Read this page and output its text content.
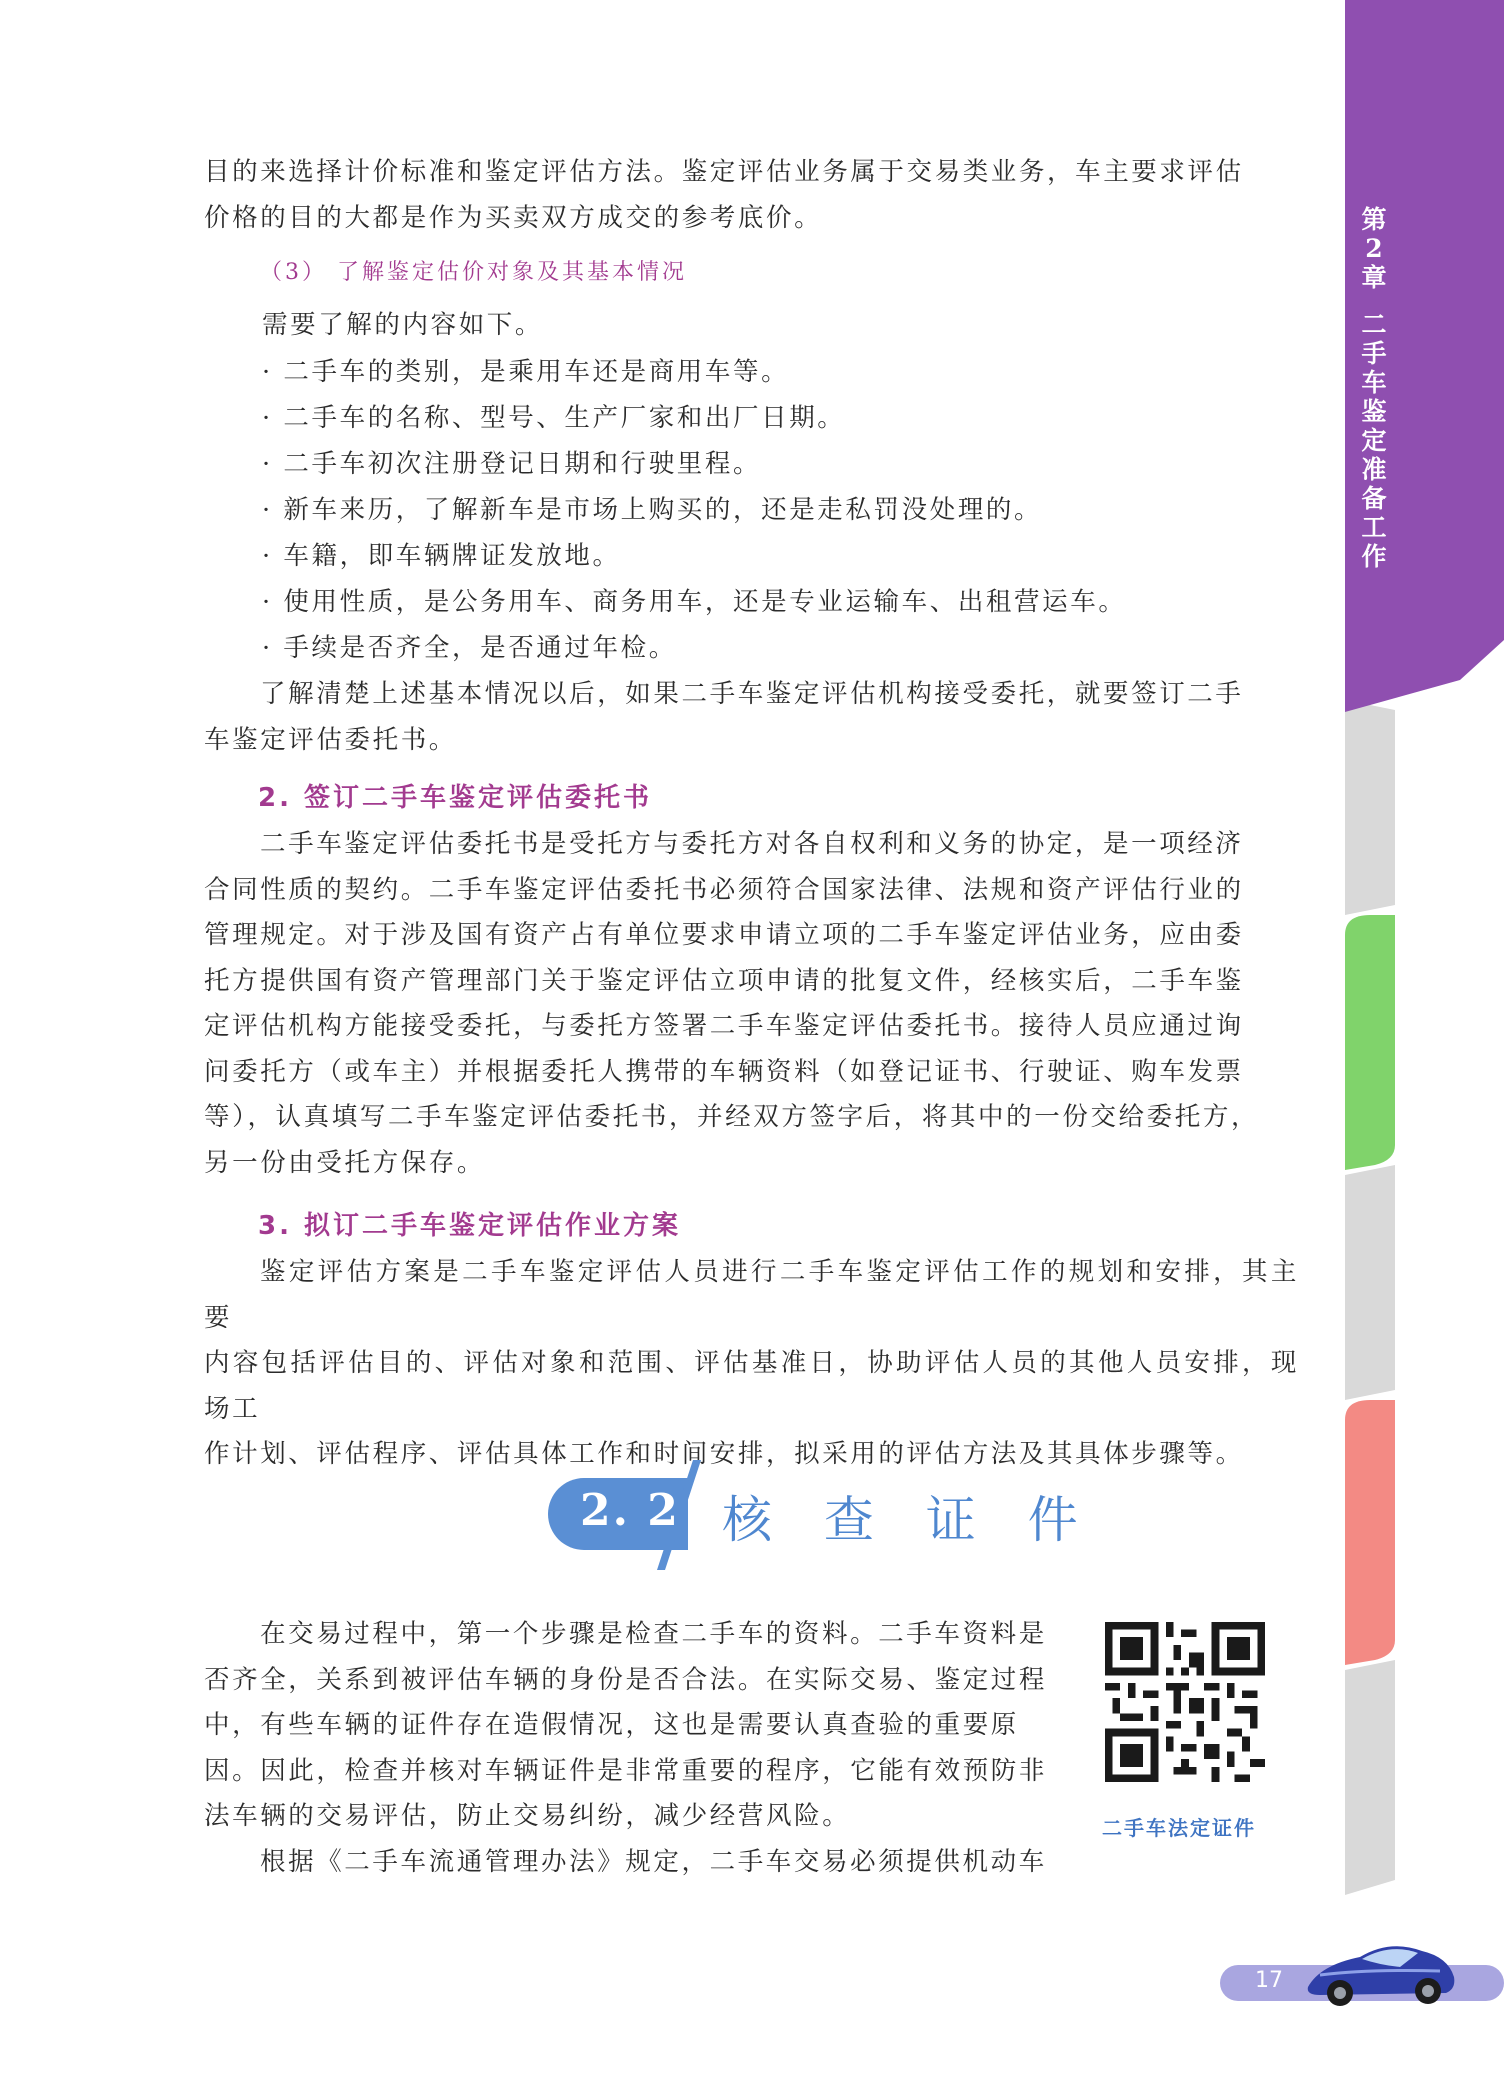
第
2
章
二
手
车
鉴
定
准
备
工
作
目的来选择计价标准和鉴定评估方法。鉴定评估业务属于交易类业务，车主要求评估
价格的目的大都是作为买卖双方成交的参考底价。
（3） 了解鉴定估价对象及其基本情况
需要了解的内容如下。
· 二手车的类别，是乘用车还是商用车等。
· 二手车的名称、型号、生产厂家和出厂日期。
· 二手车初次注册登记日期和行驶里程。
· 新车来历，了解新车是市场上购买的，还是走私罚没处理的。
· 车籍，即车辆牌证发放地。
· 使用性质，是公务用车、商务用车，还是专业运输车、出租营运车。
· 手续是否齐全，是否通过年检。
了解清楚上述基本情况以后，如果二手车鉴定评估机构接受委托，就要签订二手
车鉴定评估委托书。
2. 签订二手车鉴定评估委托书
二手车鉴定评估委托书是受托方与委托方对各自权利和义务的协定，是一项经济
合同性质的契约。二手车鉴定评估委托书必须符合国家法律、法规和资产评估行业的
管理规定。对于涉及国有资产占有单位要求申请立项的二手车鉴定评估业务，应由委
托方提供国有资产管理部门关于鉴定评估立项申请的批复文件，经核实后，二手车鉴
定评估机构方能接受委托，与委托方签署二手车鉴定评估委托书。接待人员应通过询
问委托方（或车主）并根据委托人携带的车辆资料（如登记证书、行驶证、购车发票
等），认真填写二手车鉴定评估委托书，并经双方签字后，将其中的一份交给委托方，
另一份由受托方保存。
3. 拟订二手车鉴定评估作业方案
鉴定评估方案是二手车鉴定评估人员进行二手车鉴定评估工作的规划和安排，其主要
内容包括评估目的、评估对象和范围、评估基准日，协助评估人员的其他人员安排，现场工
作计划、评估程序、评估具体工作和时间安排，拟采用的评估方法及其具体步骤等。
2. 2 核 查 证 件
在交易过程中，第一个步骤是检查二手车的资料。二手车资料是
否齐全，关系到被评估车辆的身份是否合法。在实际交易、鉴定过程
中，有些车辆的证件存在造假情况，这也是需要认真查验的重要原
因。因此，检查并核对车辆证件是非常重要的程序，它能有效预防非
法车辆的交易评估，防止交易纠纷，减少经营风险。
根据《二手车流通管理办法》规定，二手车交易必须提供机动车
二手车法定证件
17
